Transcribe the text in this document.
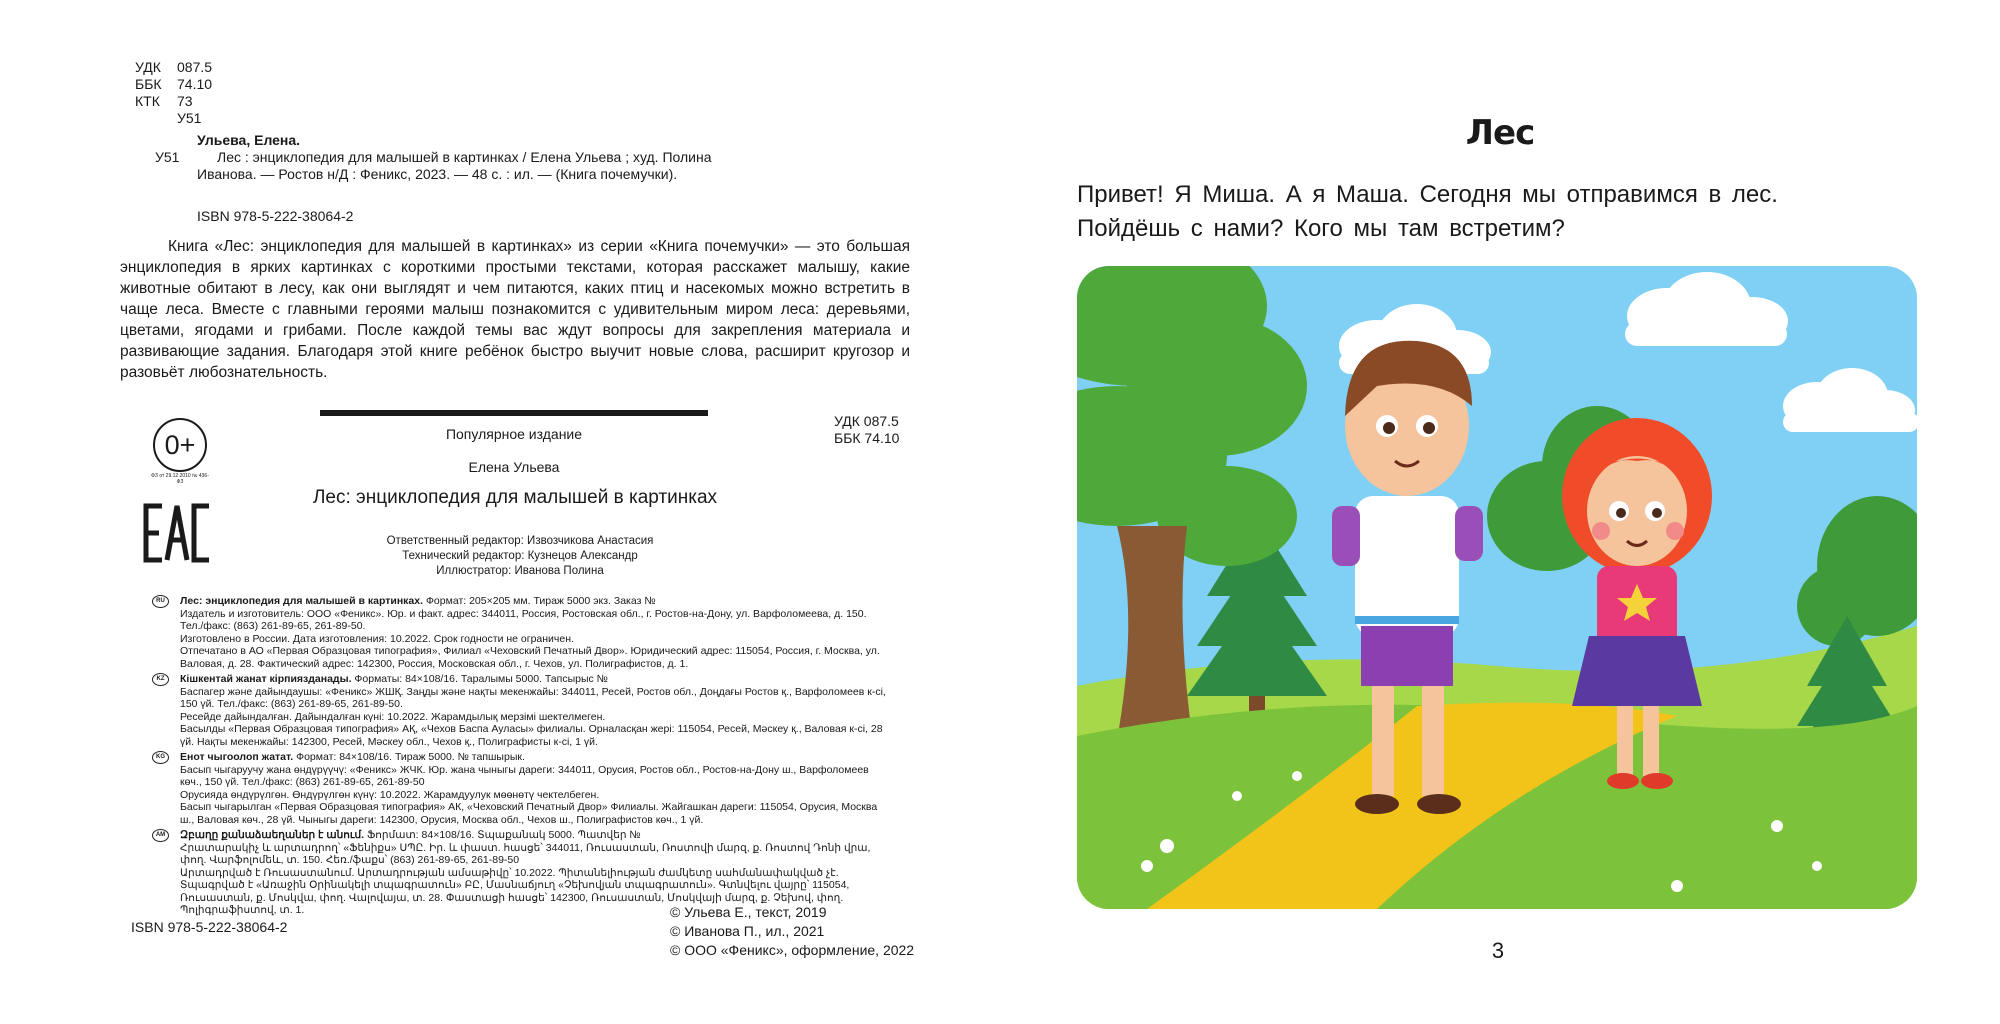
УДК 087.5
ББК 74.10
КТК 73
У51
Ульева, Елена.
У51	Лес : энциклопедия для малышей в картинках / Елена Ульева ; худ. Полина
Иванова. — Ростов н/Д : Феникс, 2023. — 48 с. : ил. — (Книга почемучки).
ISBN 978-5-222-38064-2
Книга «Лес: энциклопедия для малышей в картинках» из серии «Книга почемучки» — это большая энциклопедия в ярких картинках с короткими простыми текстами, которая расскажет малышу, какие животные обитают в лесу, как они выглядят и чем питаются, каких птиц и насекомых можно встретить в чаще леса. Вместе с главными героями малыш познакомится с удивительным миром леса: деревьями, цветами, ягодами и грибами. После каждой темы вас ждут вопросы для закрепления материала и развивающие задания. Благодаря этой книге ребёнок быстро выучит новые слова, расширит кругозор и разовьёт любознательность.
0+
ФЗ от 29.12.2010 № 436-ФЗ
Популярное издание
Елена Ульева
Лес: энциклопедия для малышей в картинках
УДК 087.5
ББК 74.10
Ответственный редактор: Извозчикова Анастасия
Технический редактор: Кузнецов Александр
Иллюстратор: Иванова Полина
RU	Лес: энциклопедия для малышей в картинках. Формат: 205×205 мм. Тираж 5000 экз. Заказ №
Издатель и изготовитель: ООО «Феникс». Юр. и факт. адрес: 344011, Россия, Ростовская обл., г. Ростов-на-Дону, ул. Варфоломеева, д. 150. Тел./факс: (863) 261-89-65, 261-89-50.
Изготовлено в России. Дата изготовления: 10.2022. Срок годности не ограничен.
Отпечатано в АО «Первая Образцовая типография», Филиал «Чеховский Печатный Двор». Юридический адрес: 115054, Россия, г. Москва, ул. Валовая, д. 28. Фактический адрес: 142300, Россия, Московская обл., г. Чехов, ул. Полиграфистов, д. 1.
KZ	Кішкентай жанат кірпиязданады. Форматы: 84×108/16. Таралымы 5000. Тапсырыс №
Баспагер және дайындаушы: «Феникс» ЖШҚ. Заңды және нақты мекенжайы: 344011, Ресей, Ростов обл., Доңдағы Ростов қ., Варфоломеев к-сі, 150 үй. Тел./факс: (863) 261-89-65, 261-89-50.
Ресейде дайындалған. Дайындалған күні: 10.2022. Жарамдылық мерзімі шектелмеген.
Басылды «Первая Образцовая типография» АҚ, «Чехов Баспа Ауласы» филиалы. Орналасқан жері: 115054, Ресей, Мәскеу қ., Валовая к-сі, 28 үй. Нақты мекенжайы: 142300, Ресей, Мәскеу обл., Чехов қ., Полиграфисты к-сі, 1 үй.
KG	Енот чыгоолоп жатат. Формат: 84×108/16. Тираж 5000. № тапшырык.
Басып чыгаруучу жана өндүрүүчү: «Феникс» ЖЧК. Юр. жана чыныгы дареги: 344011, Орусия, Ростов обл., Ростов-на-Дону ш., Варфоломеев көч., 150 үй. Тел./факс: (863) 261-89-65, 261-89-50
Орусияда өндүрүлгөн. Өндүрүлгөн күнү: 10.2022. Жарамдуулук мөөнөтү чектелбеген.
Басып чыгарылган «Первая Образцовая типография» АК, «Чеховский Печатный Двор» Филиалы. Жайгашкан дареги: 115054, Орусия, Москва ш., Валовая көч., 28 үй. Чыныгы дареги: 142300, Орусия, Москва обл., Чехов ш., Полиграфистов көч., 1 үй.
AM	Զբաղը քանաձաեղաներ է անում. Ֆորմատ: 84×108/16. Տպաքանակ 5000. Պատվեր №
Հրատարակիչ և արտադրող՝ «Ֆենիքս» ՍՊԸ. Իր. և փաստ. հասցե՝ 344011, Ռուսաստան, Ռոստովի մարզ, ք. Ռոստով Դոնի վրա, փող. Վարֆոլոմեև, տ. 150. Հեռ./ֆաքս՝ (863) 261-89-65, 261-89-50
Արտադրված է Ռուսաստանում. Արտադրության ամսաթիվը՝ 10.2022. Պիտանելիության ժամկետը սահմանափակված չէ.
Տպագրված է «Առաջին Օրինակելի տպագրատուն» ԲԸ, Մասնաճյուղ «Չեխովյան տպագրատուն». Գտնվելու վայրը՝ 115054, Ռուսաստան, ք. Մոսկվա, փող. Վալովայա, տ. 28. Փաստացի հասցե՝ 142300, Ռուսաստան, Մոսկվայի մարզ, ք. Չեխով, փող. Պոլիգրաֆիստով, տ. 1.
ISBN 978-5-222-38064-2
© Ульева Е., текст, 2019
© Иванова П., ил., 2021
© ООО «Феникс», оформление, 2022
Лес
Привет! Я Миша. А я Маша. Сегодня мы отправимся в лес.
Пойдёшь с нами? Кого мы там встретим?
3
